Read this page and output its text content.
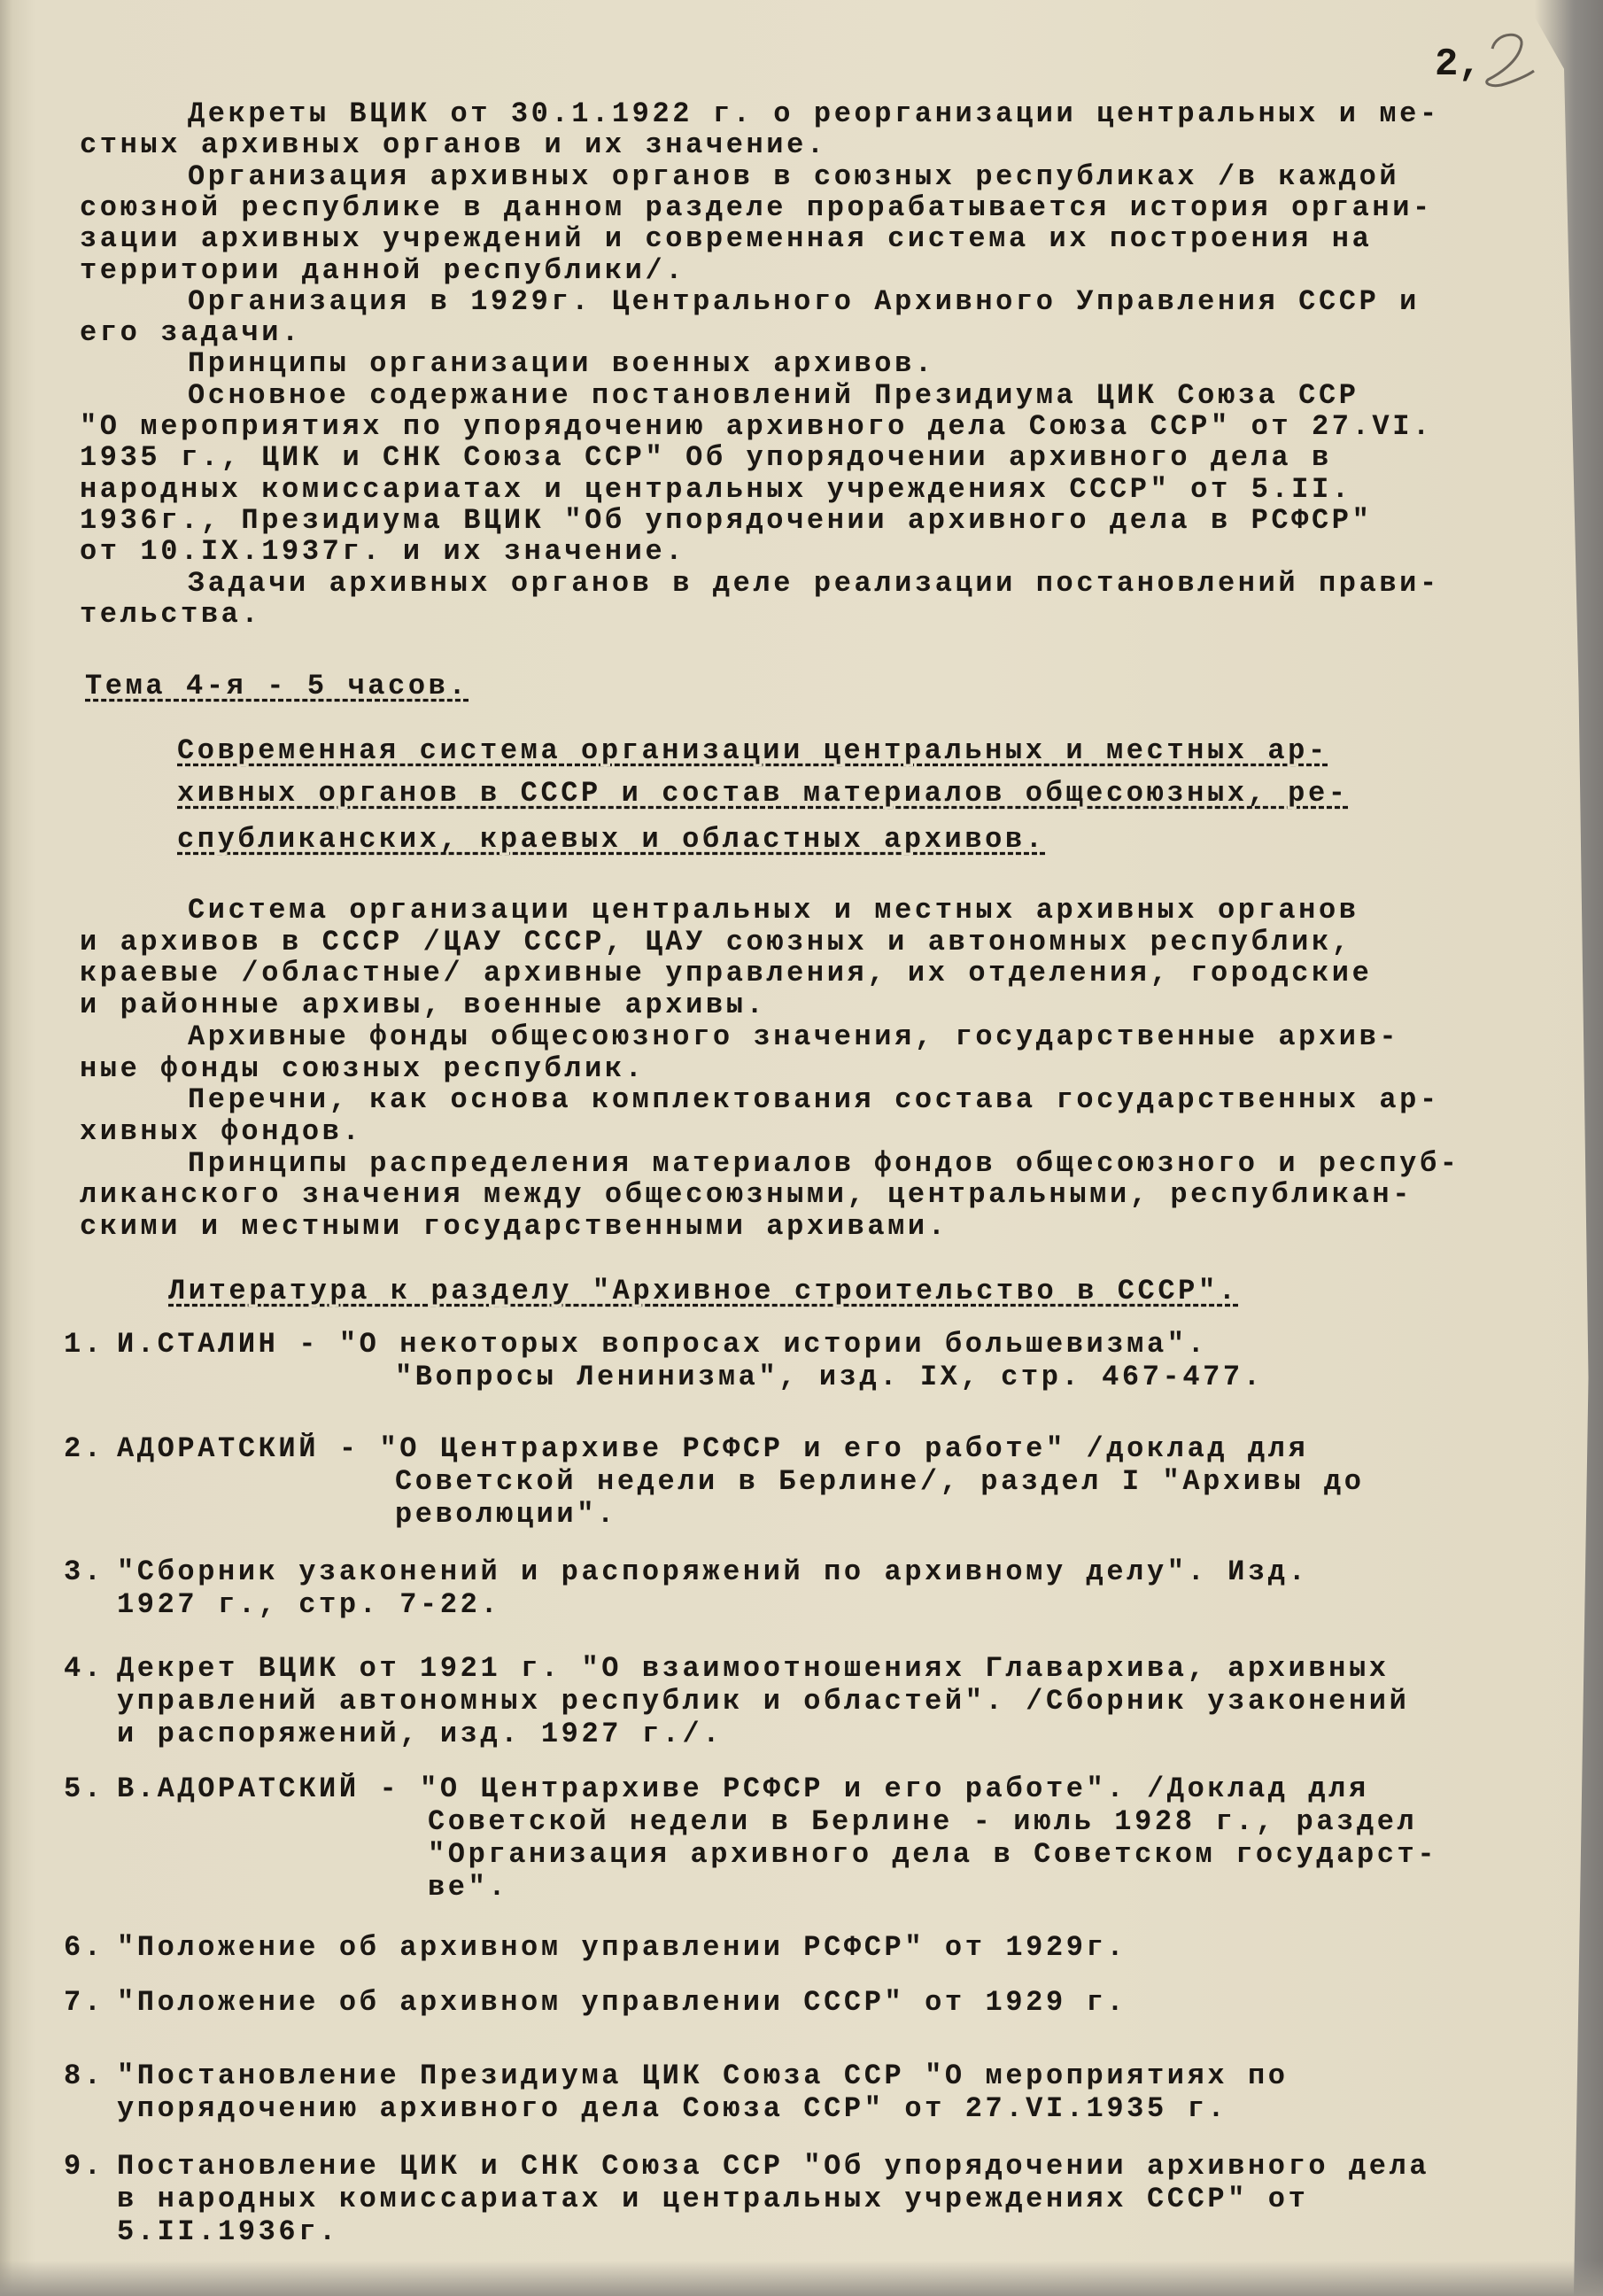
2,
Декреты ВЦИК от 30.1.1922 г. о реорганизации центральных и ме-
стных архивных органов и их значение.
Организация архивных органов в союзных республиках /в каждой
союзной республике в данном разделе прорабатывается история органи-
зации архивных учреждений и современная система их построения на
территории данной республики/.
Организация в 1929г. Центрального Архивного Управления СССР и
его задачи.
Принципы организации военных архивов.
Основное содержание постановлений Президиума ЦИК Союза ССР
"О мероприятиях по упорядочению архивного дела Союза ССР" от 27.VI.
1935 г., ЦИК и СНК Союза ССР" Об упорядочении архивного дела в
народных комиссариатах и центральных учреждениях СССР" от 5.II.
1936г., Президиума ВЦИК "Об упорядочении архивного дела в РСФСР"
от 10.IX.1937г. и их значение.
Задачи архивных органов в деле реализации постановлений прави-
тельства.
Тема 4-я - 5 часов.
Современная система организации центральных и местных ар-
хивных органов в СССР и состав материалов общесоюзных, ре-
спубликанских, краевых и областных архивов.
Система организации центральных и местных архивных органов
и архивов в СССР /ЦАУ СССР, ЦАУ союзных и автономных республик,
краевые /областные/ архивные управления, их отделения, городские
и районные архивы, военные архивы.
Архивные фонды общесоюзного значения, государственные архив-
ные фонды союзных республик.
Перечни, как основа комплектования состава государственных ар-
хивных фондов.
Принципы распределения материалов фондов общесоюзного и респуб-
ликанского значения между общесоюзными, центральными, республикан-
скими и местными государственными архивами.
Литература к разделу "Архивное строительство в СССР".
1. И.СТАЛИН - "О некоторых вопросах истории большевизма".
"Вопросы Ленинизма", изд. IX, стр. 467-477.
2. АДОРАТСКИЙ - "О Центрархиве РСФСР и его работе" /доклад для
Советской недели в Берлине/, раздел I "Архивы до
революции".
3. "Сборник узаконений и распоряжений по архивному делу". Изд.
1927 г., стр. 7-22.
4. Декрет ВЦИК от 1921 г. "О взаимоотношениях Главархива, архивных
управлений автономных республик и областей". /Сборник узаконений
и распоряжений, изд. 1927 г./.
5. В.АДОРАТСКИЙ - "О Центрархиве РСФСР и его работе". /Доклад для
Советской недели в Берлине - июль 1928 г., раздел
"Организация архивного дела в Советском государст-
ве".
6. "Положение об архивном управлении РСФСР" от 1929г.
7. "Положение об архивном управлении СССР" от 1929 г.
8. "Постановление Президиума ЦИК Союза ССР "О мероприятиях по
упорядочению архивного дела Союза ССР" от 27.VI.1935 г.
9. Постановление ЦИК и СНК Союза ССР "Об упорядочении архивного дела
в народных комиссариатах и центральных учреждениях СССР" от
5.II.1936г.
